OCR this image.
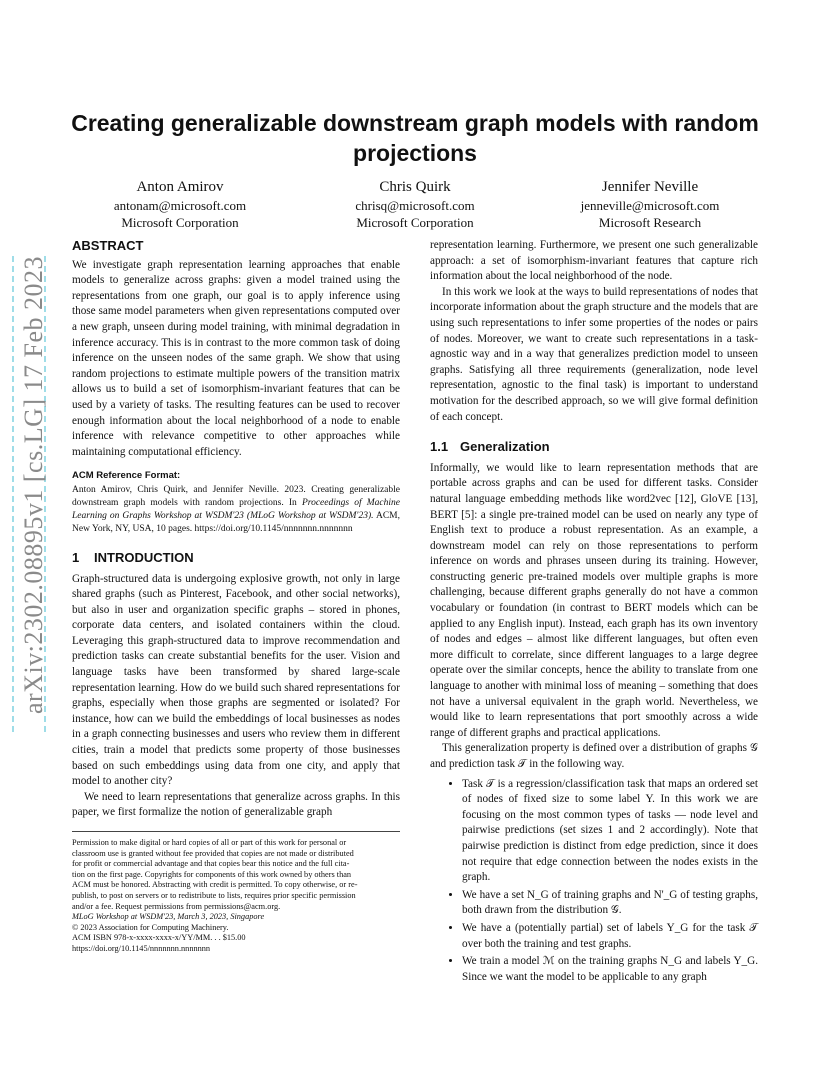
arXiv:2302.08895v1 [cs.LG] 17 Feb 2023
Creating generalizable downstream graph models with random projections
Anton Amirov
antonam@microsoft.com
Microsoft Corporation
Chris Quirk
chrisq@microsoft.com
Microsoft Corporation
Jennifer Neville
jenneville@microsoft.com
Microsoft Research
ABSTRACT

We investigate graph representation learning approaches that enable models to generalize across graphs: given a model trained using the representations from one graph, our goal is to apply inference using those same model parameters when given representations computed over a new graph, unseen during model training, with minimal degradation in inference accuracy. This is in contrast to the more common task of doing inference on the unseen nodes of the same graph. We show that using random projections to estimate multiple powers of the transition matrix allows us to build a set of isomorphism-invariant features that can be used by a variety of tasks. The resulting features can be used to recover enough information about the local neighborhood of a node to enable inference with relevance competitive to other approaches while maintaining computational efficiency.

ACM Reference Format:
Anton Amirov, Chris Quirk, and Jennifer Neville. 2023. Creating generalizable downstream graph models with random projections. In Proceedings of Machine Learning on Graphs Workshop at WSDM'23 (MLoG Workshop at WSDM'23). ACM, New York, NY, USA, 10 pages. https://doi.org/10.1145/nnnnnnn.nnnnnnn
1 INTRODUCTION

Graph-structured data is undergoing explosive growth, not only in large shared graphs (such as Pinterest, Facebook, and other social networks), but also in user and organization specific graphs – stored in phones, corporate data centers, and isolated containers within the cloud. Leveraging this graph-structured data to improve recommendation and prediction tasks can create substantial benefits for the user. Vision and language tasks have been transformed by shared large-scale representation learning. How do we build such shared representations for graphs, especially when those graphs are segmented or isolated? For instance, how can we build the embeddings of local businesses as nodes in a graph connecting businesses and users who review them in different cities, train a model that predicts some property of those businesses based on such embeddings using data from one city, and apply that model to another city?

We need to learn representations that generalize across graphs. In this paper, we first formalize the notion of generalizable graph

Permission to make digital or hard copies of all or part of this work for personal or
classroom use is granted without fee provided that copies are not made or distributed
for profit or commercial advantage and that copies bear this notice and the full cita-
tion on the first page. Copyrights for components of this work owned by others than
ACM must be honored. Abstracting with credit is permitted. To copy otherwise, or re-
publish, to post on servers or to redistribute to lists, requires prior specific permission
and/or a fee. Request permissions from permissions@acm.org.
MLoG Workshop at WSDM'23, March 3, 2023, Singapore
© 2023 Association for Computing Machinery.
ACM ISBN 978-x-xxxx-xxxx-x/YY/MM. . . $15.00
https://doi.org/10.1145/nnnnnnn.nnnnnnn

representation learning. Furthermore, we present one such generalizable approach: a set of isomorphism-invariant features that capture rich information about the local neighborhood of the node.

In this work we look at the ways to build representations of nodes that incorporate information about the graph structure and the models that are using such representations to infer some properties of the nodes or pairs of nodes. Moreover, we want to create such representations in a task-agnostic way and in a way that generalizes prediction model to unseen graphs. Satisfying all three requirements (generalization, node level representation, agnostic to the final task) is important to understand motivation for the described approach, so we will give formal definition of each concept.

1.1 Generalization

Informally, we would like to learn representation methods that are portable across graphs and can be used for different tasks. Consider natural language embedding methods like word2vec [12], GloVE [13], BERT [5]: a single pre-trained model can be used on nearly any type of English text to produce a robust representation. As an example, a downstream model can rely on those representations to perform inference on words and phrases unseen during its training. However, constructing generic pre-trained models over multiple graphs is more challenging, because different graphs generally do not have a common vocabulary or foundation (in contrast to BERT models which can be applied to any English input). Instead, each graph has its own inventory of nodes and edges – almost like different languages, but often even more difficult to correlate, since different languages to a large degree operate over the similar concepts, hence the ability to translate from one language to another with minimal loss of meaning – something that does not have a universal equivalent in the graph world. Nevertheless, we would like to learn representations that port smoothly across a wide range of different graphs and practical applications.

This generalization property is defined over a distribution of graphs 𝒢 and prediction task 𝒯 in the following way.

• Task 𝒯 is a regression/classification task that maps an ordered set of nodes of fixed size to some label Y. In this work we are focusing on the most common types of tasks — node level and pairwise predictions (set sizes 1 and 2 accordingly). Note that pairwise prediction is distinct from edge prediction, since it does not require that edge connection between the nodes exists in the graph.
• We have a set N_G of training graphs and N'_G of testing graphs, both drawn from the distribution 𝒢.
• We have a (potentially partial) set of labels Y_G for the task 𝒯 over both the training and test graphs.
• We train a model ℳ on the training graphs N_G and labels Y_G. Since we want the model to be applicable to any graph
